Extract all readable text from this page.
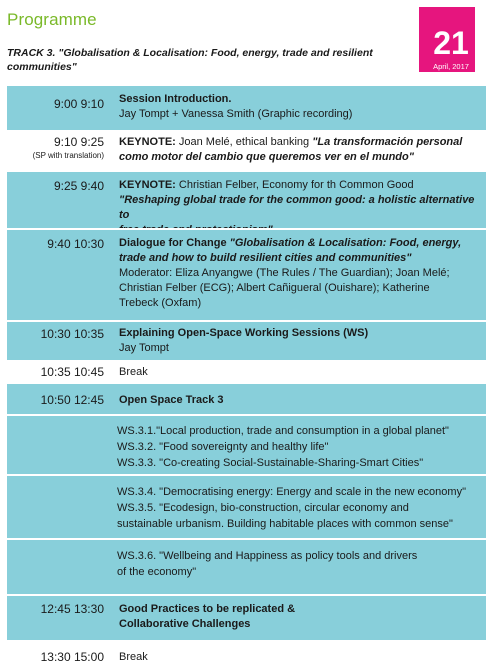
Programme
21
April, 2017
TRACK 3. "Globalisation & Localisation: Food, energy, trade and resilient communities"
9:00 9:10 Session Introduction.
Jay Tompt + Vanessa Smith (Graphic recording)
9:10 9:25
(SP with translation)
KEYNOTE: Joan Melé, ethical banking "La transformación personal
como motor del cambio que queremos ver en el mundo"
9:25 9:40 KEYNOTE: Christian Felber, Economy for th Common Good
"Reshaping global trade for the common good: a holistic alternative to
9:40 10:30 Dialogue for Change "Globalisation & Localisation: Food, energy,
trade and how to build resilient cities and communities"
Moderator: Eliza Anyangwe (The Rules / The Guardian); Joan Melé;
Christian Felber (ECG); Albert Cañigueral (Ouishare); Katherine
Trebeck (Oxfam)
10:30 10:35 Explaining Open-Space Working Sessions (WS)
Jay Tompt
10:35 10:45 Break
10:50 12:45 Open Space Track 3
WS.3.1."Local production, trade and consumption in a global planet"
WS.3.2. "Food sovereignty and healthy life"
WS.3.3. "Co-creating Social-Sustainable-Sharing-Smart Cities"
WS.3.4. "Democratising energy: Energy and scale in the new economy"
WS.3.5. "Ecodesign, bio-construction, circular economy and
sustainable urbanism. Building habitable places with common sense"
WS.3.6. "Wellbeing and Happiness as policy tools and drivers
of the economy"
12:45 13:30 Good Practices to be replicated &
Collaborative Challenges
13:30 15:00 Break
